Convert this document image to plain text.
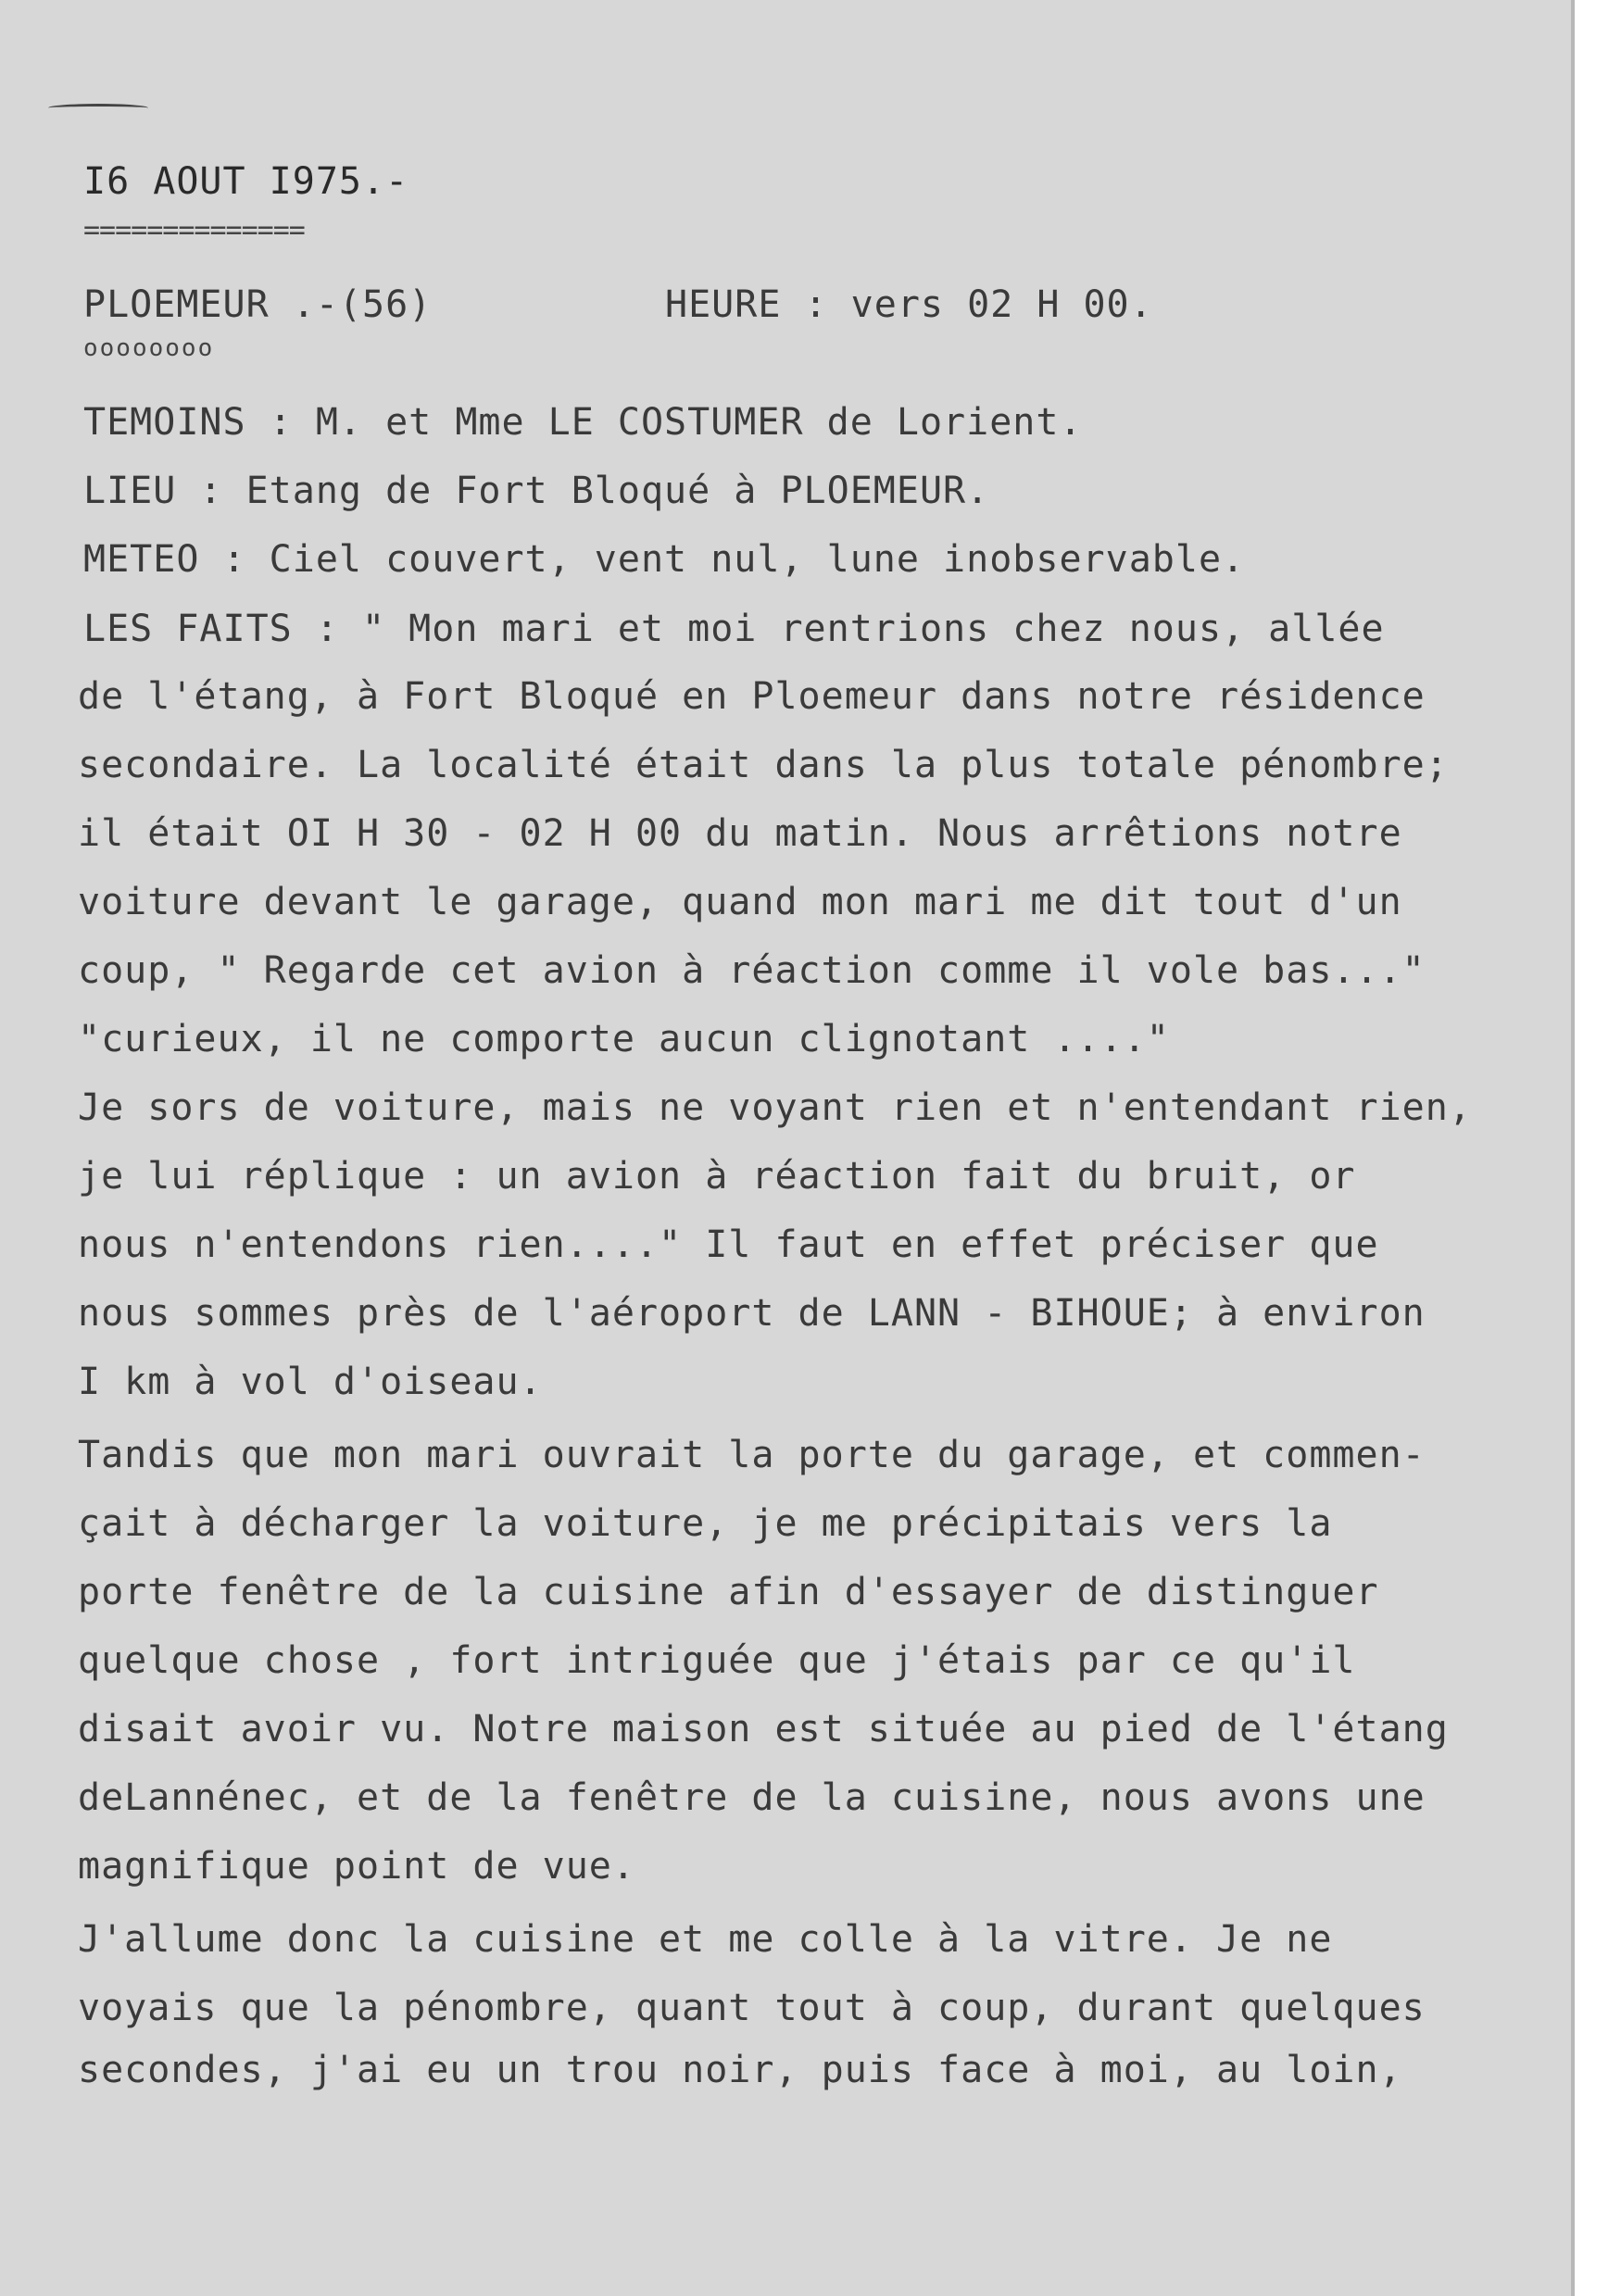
I6 AOUT I975.-
==============
PLOEMEUR .-(56)
oooooooo
HEURE : vers 02 H 00.
TEMOINS : M. et Mme LE COSTUMER de Lorient.
LIEU : Etang de Fort Bloqué à PLOEMEUR.
METEO : Ciel couvert, vent nul, lune inobservable.
LES FAITS : " Mon mari et moi rentrions chez nous, allée
de l'étang, à Fort Bloqué en Ploemeur dans notre résidence
secondaire. La localité était dans la plus totale pénombre;
il était OI H 30 - 02 H 00 du matin. Nous arrêtions notre
voiture devant le garage, quand mon mari me dit tout d'un
coup, " Regarde cet avion à réaction comme il vole bas..."
"curieux, il ne comporte aucun clignotant ...."
Je sors de voiture, mais ne voyant rien et n'entendant rien,
je lui réplique : un avion à réaction fait du bruit, or
nous n'entendons rien...." Il faut en effet préciser que
nous sommes près de l'aéroport de LANN - BIHOUE; à environ
I km à vol d'oiseau.
Tandis que mon mari ouvrait la porte du garage, et commen-
çait à décharger la voiture, je me précipitais vers la
porte fenêtre de la cuisine afin d'essayer de distinguer
quelque chose , fort intriguée que j'étais par ce qu'il
disait avoir vu. Notre maison est située au pied de l'étang
deLannénec, et de la fenêtre de la cuisine, nous avons une
magnifique point de vue.
J'allume donc la cuisine et me colle à la vitre. Je ne
voyais que la pénombre, quant tout à coup, durant quelques
secondes, j'ai eu un trou noir, puis face à moi, au loin,
